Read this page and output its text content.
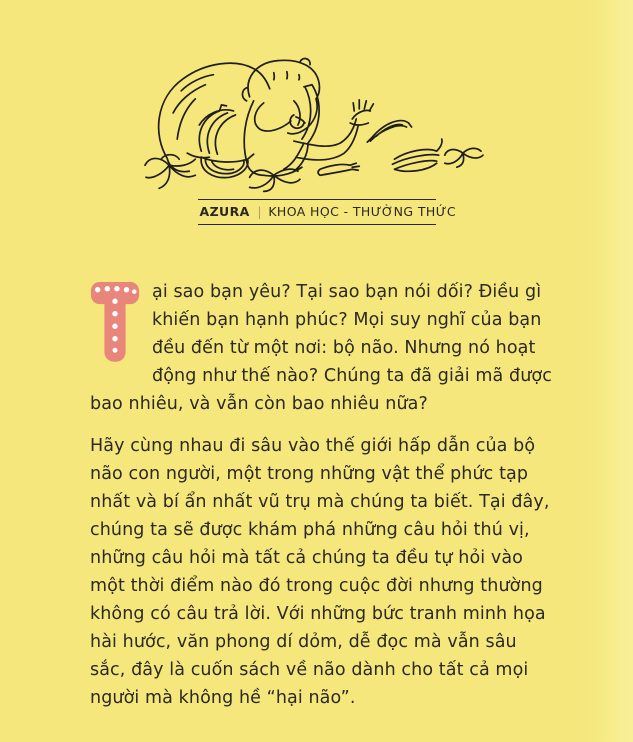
AZURA | KHOA HỌC - THƯỜNG THỨC

ại sao bạn yêu? Tại sao bạn nói dối? Điều gì khiến bạn hạnh phúc? Mọi suy nghĩ của bạn đều đến từ một nơi: bộ não. Nhưng nó hoạt động như thế nào? Chúng ta đã giải mã được bao nhiêu, và vẫn còn bao nhiêu nữa?

Hãy cùng nhau đi sâu vào thế giới hấp dẫn của bộ não con người, một trong những vật thể phức tạp nhất và bí ẩn nhất vũ trụ mà chúng ta biết. Tại đây, chúng ta sẽ được khám phá những câu hỏi thú vị, những câu hỏi mà tất cả chúng ta đều tự hỏi vào một thời điểm nào đó trong cuộc đời nhưng thường không có câu trả lời. Với những bức tranh minh họa hài hước, văn phong dí dỏm, dễ đọc mà vẫn sâu sắc, đây là cuốn sách về não dành cho tất cả mọi người mà không hề “hại não”.
